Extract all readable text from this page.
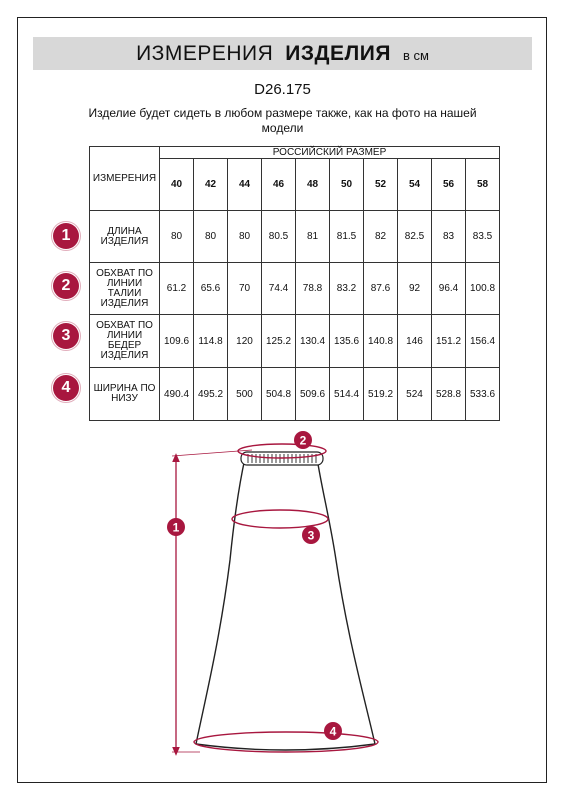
ИЗМЕРЕНИЯ ИЗДЕЛИЯ в см
D26.175
Изделие будет сидеть в любом размере также, как на фото на нашей модели
ИЗМЕРЕНИЯ	РОССИЙСКИЙ РАЗМЕР									
	40	42	44	46	48	50	52	54	56	58
ДЛИНА ИЗДЕЛИЯ	80	80	80	80.5	81	81.5	82	82.5	83	83.5
ОБХВАТ ПО ЛИНИИ ТАЛИИ ИЗДЕЛИЯ	61.2	65.6	70	74.4	78.8	83.2	87.6	92	96.4	100.8
ОБХВАТ ПО ЛИНИИ БЕДЕР ИЗДЕЛИЯ	109.6	114.8	120	125.2	130.4	135.6	140.8	146	151.2	156.4
ШИРИНА ПО НИЗУ	490.4	495.2	500	504.8	509.6	514.4	519.2	524	528.8	533.6
1
2
3
4
1
2
3
4
